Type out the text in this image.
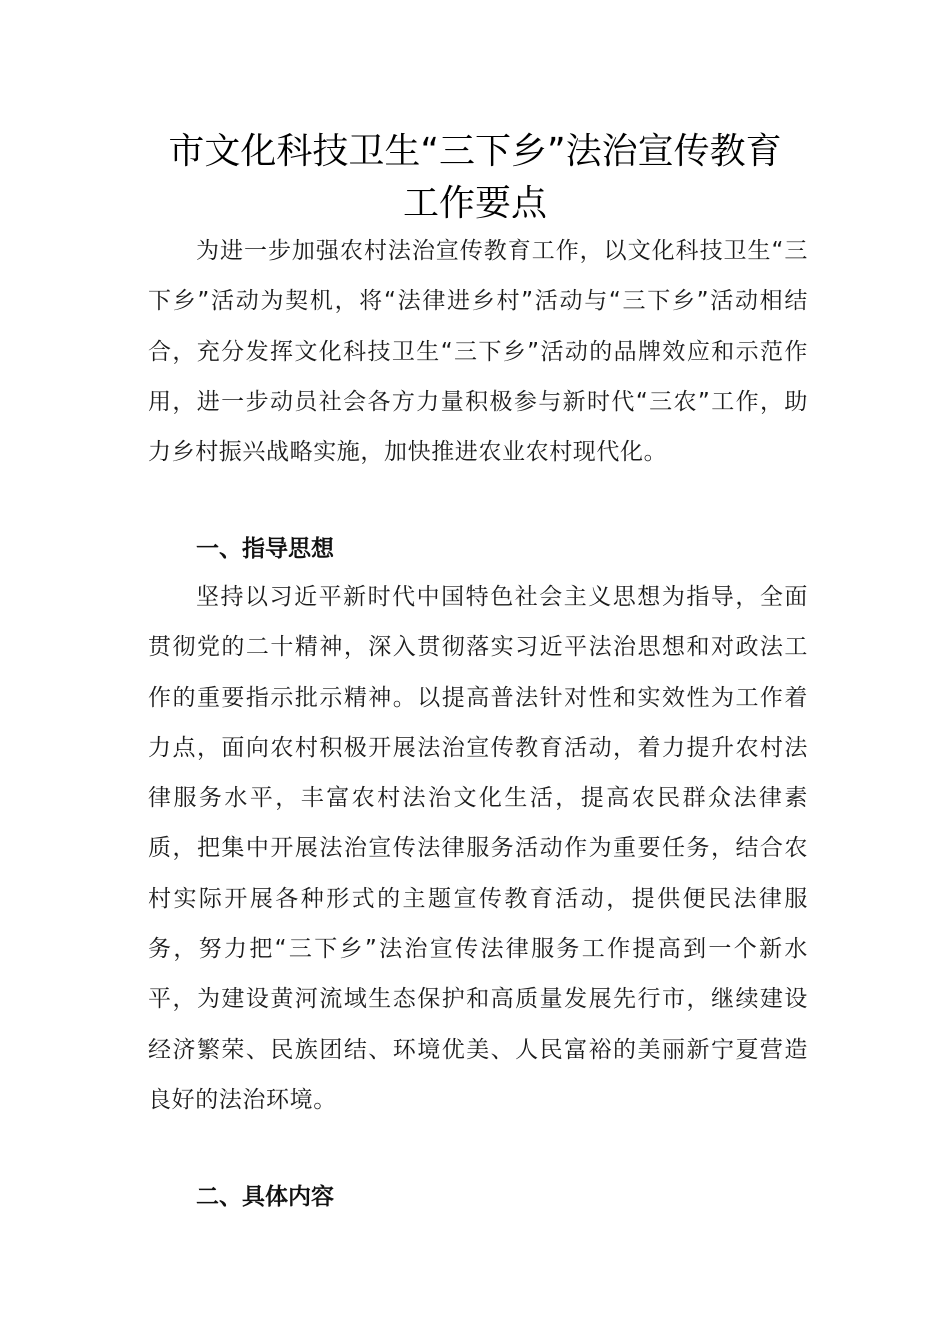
市文化科技卫生“三下乡”法治宣传教育
工作要点

为进一步加强农村法治宣传教育工作，以文化科技卫生“三下乡”活动为契机，将“法律进乡村”活动与“三下乡”活动相结合，充分发挥文化科技卫生“三下乡”活动的品牌效应和示范作用，进一步动员社会各方力量积极参与新时代“三农”工作，助力乡村振兴战略实施，加快推进农业农村现代化。

一、指导思想

坚持以习近平新时代中国特色社会主义思想为指导，全面贯彻党的二十精神，深入贯彻落实习近平法治思想和对政法工作的重要指示批示精神。以提高普法针对性和实效性为工作着力点，面向农村积极开展法治宣传教育活动，着力提升农村法律服务水平，丰富农村法治文化生活，提高农民群众法律素质，把集中开展法治宣传法律服务活动作为重要任务，结合农村实际开展各种形式的主题宣传教育活动，提供便民法律服务，努力把“三下乡”法治宣传法律服务工作提高到一个新水平，为建设黄河流域生态保护和高质量发展先行市，继续建设经济繁荣、民族团结、环境优美、人民富裕的美丽新宁夏营造良好的法治环境。

二、具体内容
